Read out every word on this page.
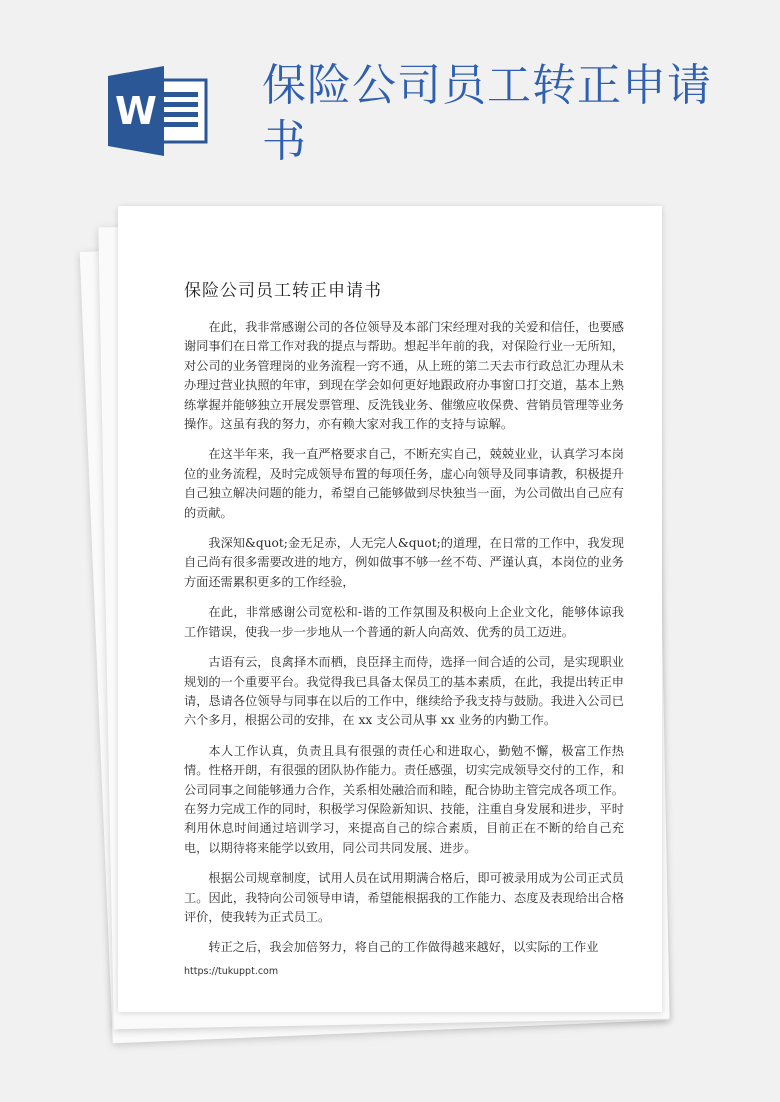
W 保险公司员工转正申请书
保险公司员工转正申请书

在此，我非常感谢公司的各位领导及本部门宋经理对我的关爱和信任，也要感谢同事们在日常工作对我的提点与帮助。想起半年前的我，对保险行业一无所知，对公司的业务管理岗的业务流程一窍不通，从上班的第二天去市行政总汇办理从未办理过营业执照的年审，到现在学会如何更好地跟政府办事窗口打交道，基本上熟练掌握并能够独立开展发票管理、反洗钱业务、催缴应收保费、营销员管理等业务操作。这虽有我的努力，亦有赖大家对我工作的支持与谅解。

在这半年来，我一直严格要求自己，不断充实自己，兢兢业业，认真学习本岗位的业务流程，及时完成领导布置的每项任务，虚心向领导及同事请教，积极提升自己独立解决问题的能力，希望自己能够做到尽快独当一面，为公司做出自己应有的贡献。

我深知&quot;金无足赤，人无完人&quot;的道理，在日常的工作中，我发现自己尚有很多需要改进的地方，例如做事不够一丝不苟、严谨认真，本岗位的业务方面还需累积更多的工作经验，

在此，非常感谢公司宽松和-谐的工作氛围及积极向上企业文化，能够体谅我工作错误，使我一步一步地从一个普通的新人向高效、优秀的员工迈进。

古语有云，良禽择木而栖，良臣择主而侍，选择一间合适的公司，是实现职业规划的一个重要平台。我觉得我已具备太保员工的基本素质，在此，我提出转正申请，恳请各位领导与同事在以后的工作中，继续给予我支持与鼓励。我进入公司已六个多月，根据公司的安排，在 xx 支公司从事 xx 业务的内勤工作。

本人工作认真，负责且具有很强的责任心和进取心，勤勉不懈，极富工作热情。性格开朗，有很强的团队协作能力。责任感强，切实完成领导交付的工作，和公司同事之间能够通力合作，关系相处融洽而和睦，配合协助主管完成各项工作。在努力完成工作的同时，积极学习保险新知识、技能，注重自身发展和进步，平时利用休息时间通过培训学习，来提高自己的综合素质，目前正在不断的给自己充电，以期待将来能学以致用，同公司共同发展、进步。

根据公司规章制度，试用人员在试用期满合格后，即可被录用成为公司正式员工。因此，我特向公司领导申请，希望能根据我的工作能力、态度及表现给出合格评价，使我转为正式员工。

转正之后，我会加倍努力，将自己的工作做得越来越好，以实际的工作业

https://tukuppt.com
